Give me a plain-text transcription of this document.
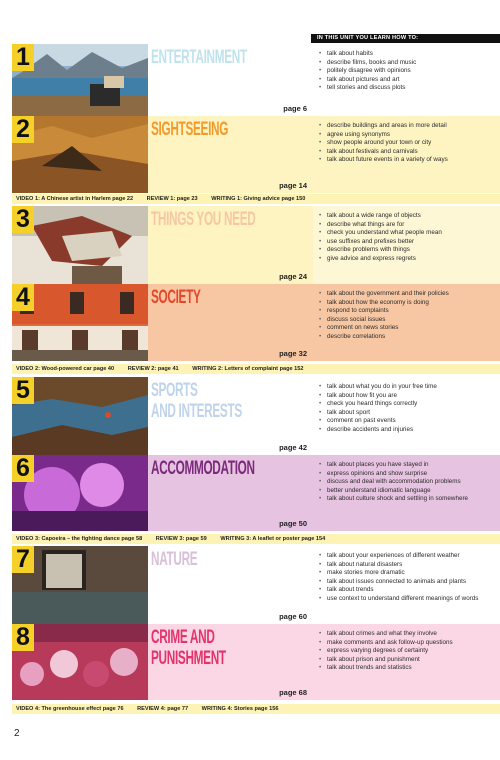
IN THIS UNIT YOU LEARN HOW TO:
1	ENTERTAINMENT
page 6
• talk about habits
• describe films, books and music
• politely disagree with opinions
• talk about pictures and art
• tell stories and discuss plots
2	SIGHTSEEING
page 14
• describe buildings and areas in more detail
• agree using synonyms
• show people around your town or city
• talk about festivals and carnivals
• talk about future events in a variety of ways
VIDEO 1: A Chinese artist in Harlem page 22 REVIEW 1: page 23 WRITING 1: Giving advice page 150
3	THINGS YOU NEED
page 24
• talk about a wide range of objects
• describe what things are for
• check you understand what people mean
• use suffixes and prefixes better
• describe problems with things
• give advice and express regrets
4	SOCIETY
page 32
• talk about the government and their policies
• talk about how the economy is doing
• respond to complaints
• discuss social issues
• comment on news stories
• describe correlations
VIDEO 2: Wood-powered car page 40 REVIEW 2: page 41 WRITING 2: Letters of complaint page 152
5	SPORTS
AND INTERESTS
page 42
• talk about what you do in your free time
• talk about how fit you are
• check you heard things correctly
• talk about sport
• comment on past events
• describe accidents and injuries
6	ACCOMMODATION
page 50
• talk about places you have stayed in
• express opinions and show surprise
• discuss and deal with accommodation problems
• better understand idiomatic language
• talk about culture shock and settling in somewhere
VIDEO 3: Capoeira – the fighting dance page 58 REVIEW 3: page 59 WRITING 3: A leaflet or poster page 154
7	NATURE
page 60
• talk about your experiences of different weather
• talk about natural disasters
• make stories more dramatic
• talk about issues connected to animals and plants
• talk about trends
• use context to understand different meanings of words
8	CRIME AND
PUNISHMENT
page 68
• talk about crimes and what they involve
• make comments and ask follow-up questions
• express varying degrees of certainty
• talk about prison and punishment
• talk about trends and statistics
VIDEO 4: The greenhouse effect page 76 REVIEW 4: page 77 WRITING 4: Stories page 156
2
